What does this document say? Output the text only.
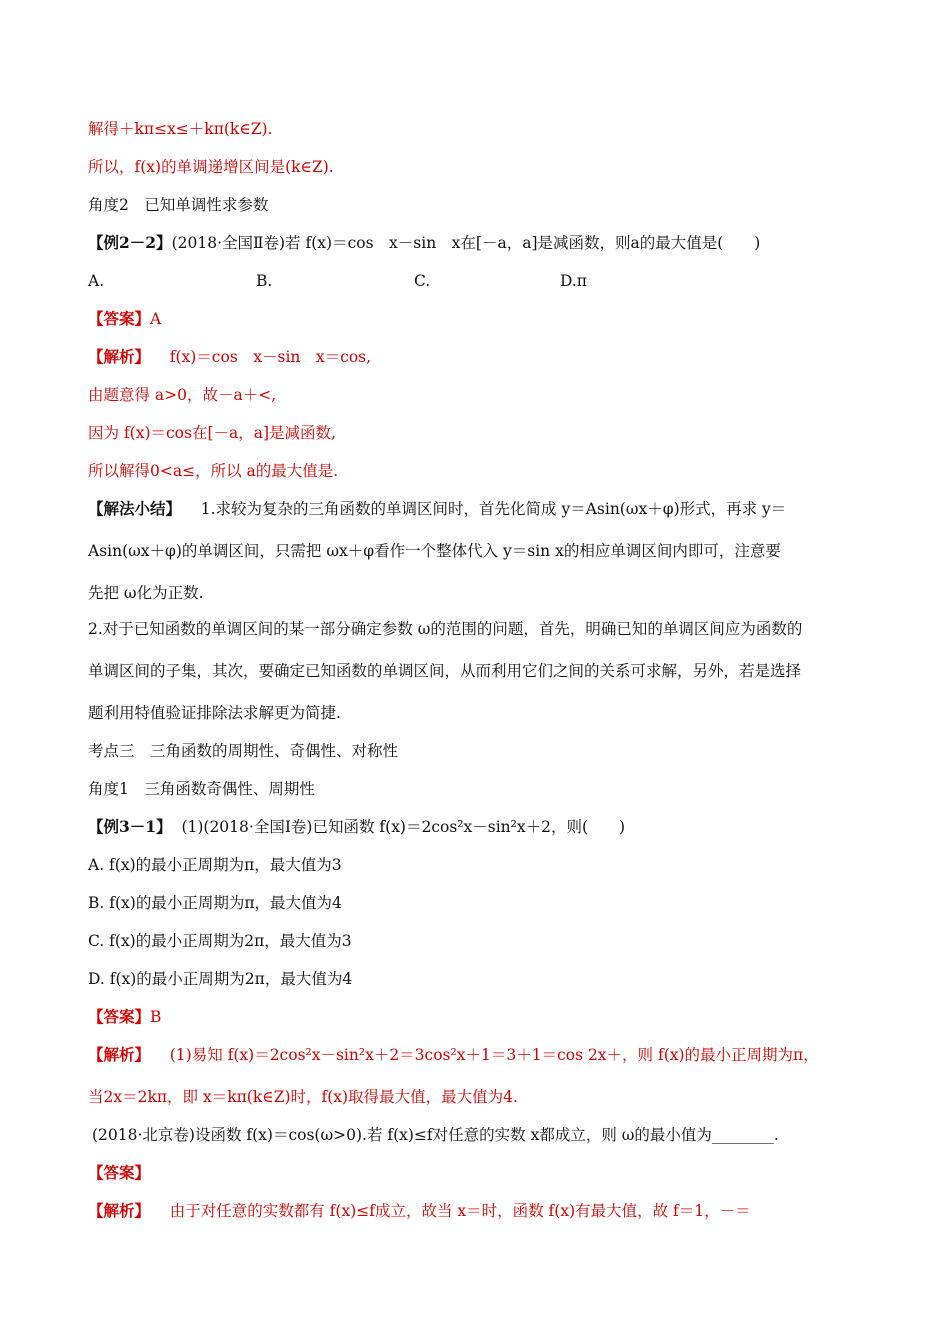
解得＋kπ≤x≤＋kπ(k∈Z).
所以，f(x)的单调递增区间是(k∈Z).
角度2　已知单调性求参数
【例2－2】(2018·全国Ⅱ卷)若 f(x)＝cos　x－sin　x在[－a，a]是减函数，则a的最大值是(　　)
A.	B.	C.	D.π
【答案】A
【解析】 f(x)＝cos　x－sin　x＝cos,
由题意得 a>0，故－a＋<,
因为 f(x)＝cos在[－a，a]是减函数,
所以解得0<a≤，所以 a的最大值是.
【解法小结】 1.求较为复杂的三角函数的单调区间时，首先化简成 y＝Asin(ωx＋φ)形式，再求 y＝
Asin(ωx＋φ)的单调区间，只需把 ωx＋φ看作一个整体代入 y＝sin x的相应单调区间内即可，注意要
先把 ω化为正数.
2.对于已知函数的单调区间的某一部分确定参数 ω的范围的问题，首先，明确已知的单调区间应为函数的
单调区间的子集，其次，要确定已知函数的单调区间，从而利用它们之间的关系可求解，另外，若是选择
题利用特值验证排除法求解更为简捷.
考点三　三角函数的周期性、奇偶性、对称性
角度1　三角函数奇偶性、周期性
【例3－1】 (1)(2018·全国Ⅰ卷)已知函数 f(x)＝2cos²x－sin²x＋2，则(　　)
A. f(x)的最小正周期为π，最大值为3
B. f(x)的最小正周期为π，最大值为4
C. f(x)的最小正周期为2π，最大值为3
D. f(x)的最小正周期为2π，最大值为4
【答案】B
【解析】 (1)易知 f(x)＝2cos²x－sin²x＋2＝3cos²x＋1＝3＋1＝cos 2x＋，则 f(x)的最小正周期为π，
当2x＝2kπ，即 x＝kπ(k∈Z)时，f(x)取得最大值，最大值为4.
(2018·北京卷)设函数 f(x)＝cos(ω>0).若 f(x)≤f对任意的实数 x都成立，则 ω的最小值为________.
【答案】
【解析】 由于对任意的实数都有 f(x)≤f成立，故当 x＝时，函数 f(x)有最大值，故 f＝1，－＝
